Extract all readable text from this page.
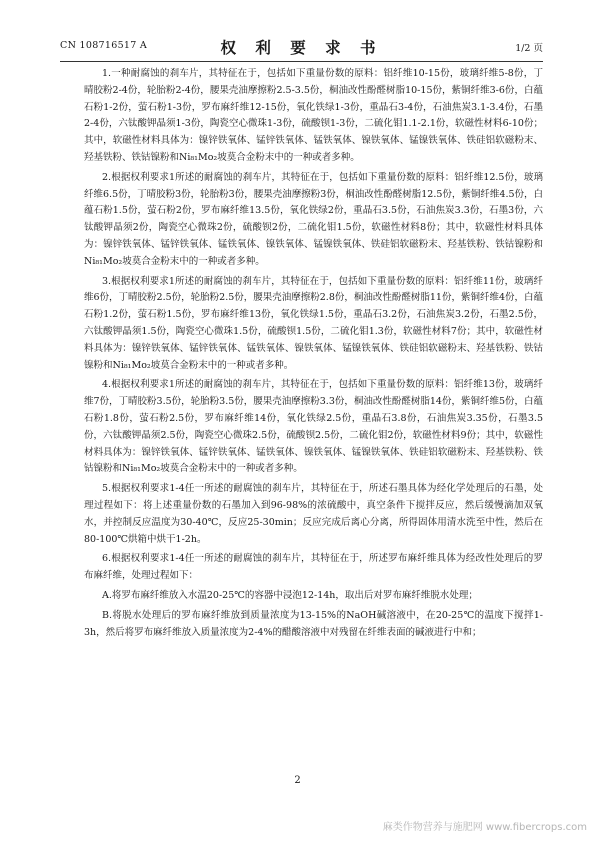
CN 108716517 A	权 利 要 求 书	1/2 页

1.一种耐腐蚀的刹车片，其特征在于，包括如下重量份数的原料：铝纤维10-15份，玻璃纤维5-8份，丁晴胶粉2-4份，轮胎粉2-4份，腰果壳油摩擦粉2.5-3.5份，桐油改性酚醛树脂10-15份，紫铜纤维3-6份，白蕴石粉1-2份，萤石粉1-3份，罗布麻纤维12-15份，氧化铁绿1-3份，重晶石3-4份，石油焦炭3.1-3.4份，石墨2-4份，六钛酸钾晶须1-3份，陶瓷空心微珠1-3份，硫酸钡1-3份，二硫化钼1.1-2.1份，软磁性材料6-10份；其中，软磁性材料具体为：镍锌铁氧体、锰锌铁氧体、锰铁氧体、镍铁氧体、锰镍铁氧体、铁硅铝软磁粉末、羟基铁粉、铁钴镍粉和Ni₈₁Mo₂坡莫合金粉末中的一种或者多种。

2.根据权利要求1所述的耐腐蚀的刹车片，其特征在于，包括如下重量份数的原料：铝纤维12.5份，玻璃纤维6.5份，丁晴胶粉3份，轮胎粉3份，腰果壳油摩擦粉3份，桐油改性酚醛树脂12.5份，紫铜纤维4.5份，白蕴石粉1.5份，萤石粉2份，罗布麻纤维13.5份，氧化铁绿2份，重晶石3.5份，石油焦炭3.3份，石墨3份，六钛酸钾晶须2份，陶瓷空心微珠2份，硫酸钡2份，二硫化钼1.5份，软磁性材料8份；其中，软磁性材料具体为：镍锌铁氧体、锰锌铁氧体、锰铁氧体、镍铁氧体、锰镍铁氧体、铁硅铝软磁粉末、羟基铁粉、铁钴镍粉和Ni₈₁Mo₂坡莫合金粉末中的一种或者多种。

3.根据权利要求1所述的耐腐蚀的刹车片，其特征在于，包括如下重量份数的原料：铝纤维11份，玻璃纤维6份，丁晴胶粉2.5份，轮胎粉2.5份，腰果壳油摩擦粉2.8份，桐油改性酚醛树脂11份，紫铜纤维4份，白蕴石粉1.2份，萤石粉1.5份，罗布麻纤维13份，氧化铁绿1.5份，重晶石3.2份，石油焦炭3.2份，石墨2.5份，六钛酸钾晶须1.5份，陶瓷空心微珠1.5份，硫酸钡1.5份，二硫化钼1.3份，软磁性材料7份；其中，软磁性材料具体为：镍锌铁氧体、锰锌铁氧体、锰铁氧体、镍铁氧体、锰镍铁氧体、铁硅铝软磁粉末、羟基铁粉、铁钴镍粉和Ni₈₁Mo₂坡莫合金粉末中的一种或者多种。

4.根据权利要求1所述的耐腐蚀的刹车片，其特征在于，包括如下重量份数的原料：铝纤维13份，玻璃纤维7份，丁晴胶粉3.5份，轮胎粉3.5份，腰果壳油摩擦粉3.3份，桐油改性酚醛树脂14份，紫铜纤维5份，白蕴石粉1.8份，萤石粉2.5份，罗布麻纤维14份，氧化铁绿2.5份，重晶石3.8份，石油焦炭3.35份，石墨3.5份，六钛酸钾晶须2.5份，陶瓷空心微珠2.5份，硫酸钡2.5份，二硫化钼2份，软磁性材料9份；其中，软磁性材料具体为：镍锌铁氧体、锰锌铁氧体、锰铁氧体、镍铁氧体、锰镍铁氧体、铁硅铝软磁粉末、羟基铁粉、铁钴镍粉和Ni₈₁Mo₂坡莫合金粉末中的一种或者多种。

5.根据权利要求1-4任一所述的耐腐蚀的刹车片，其特征在于，所述石墨具体为经化学处理后的石墨，处理过程如下：将上述重量份数的石墨加入到96-98%的浓硫酸中，真空条件下搅拌反应，然后缓慢滴加双氧水，并控制反应温度为30-40℃，反应25-30min；反应完成后离心分离，所得固体用清水洗至中性，然后在80-100℃烘箱中烘干1-2h。

6.根据权利要求1-4任一所述的耐腐蚀的刹车片，其特征在于，所述罗布麻纤维具体为经改性处理后的罗布麻纤维，处理过程如下：

A.将罗布麻纤维放入水温20-25℃的容器中浸泡12-14h，取出后对罗布麻纤维脱水处理；

B.将脱水处理后的罗布麻纤维放到质量浓度为13-15%的NaOH碱溶液中，在20-25℃的温度下搅拌1-3h，然后将罗布麻纤维放入质量浓度为2-4%的醋酸溶液中对残留在纤维表面的碱液进行中和；

2
麻类作物营养与施肥网 www.fibercrops.com
